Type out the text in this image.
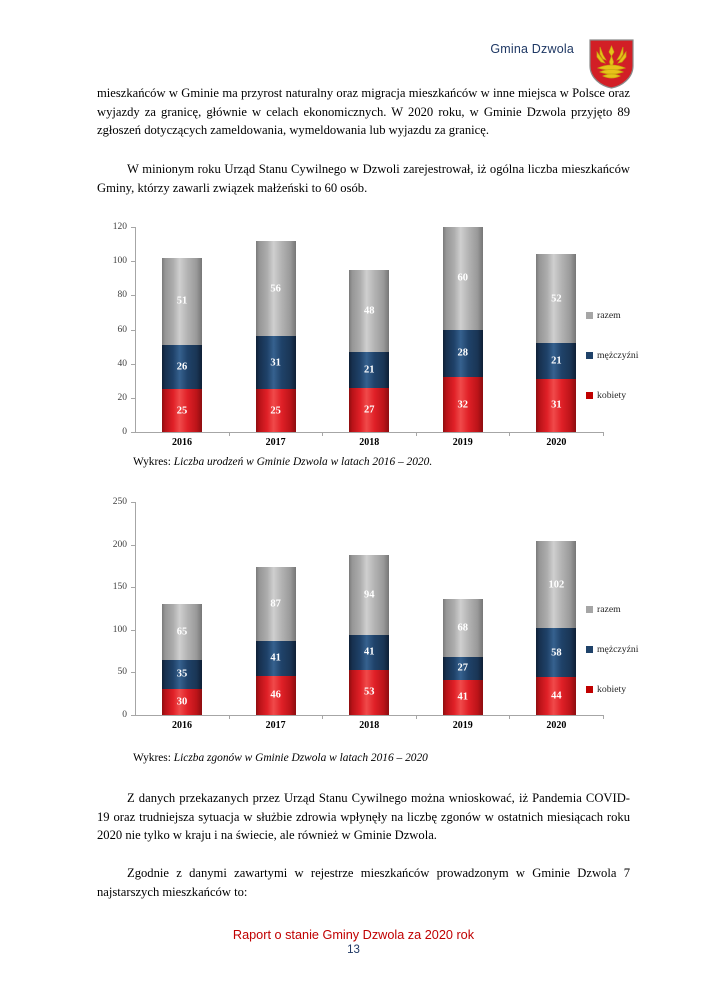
Gmina Dzwola
mieszkańców w Gminie ma przyrost naturalny oraz migracja mieszkańców w inne miejsca w Polsce oraz wyjazdy za granicę, głównie w celach ekonomicznych. W 2020 roku, w Gminie Dzwola przyjęto 89 zgłoszeń dotyczących zameldowania, wymeldowania lub wyjazdu za granicę.
W minionym roku Urząd Stanu Cywilnego w Dzwoli zarejestrował, iż ogólna liczba mieszkańców Gminy, którzy zawarli związek małżeński to 60 osób.
120
100
80
60
40
20
0
51
26
25
56
31
25
48
21
27
60
28
32
52
21
31
2016	2017	2018	2019	2020
razem
mężczyźni
kobiety
Wykres: Liczba urodzeń w Gminie Dzwola w latach 2016 – 2020.
250
200
150
100
50
0
65
35
30
87
41
46
94
41
53
68
27
41
102
58
44
2016	2017	2018	2019	2020
razem
mężczyźni
kobiety
Wykres: Liczba zgonów w Gminie Dzwola w latach 2016 – 2020
Z danych przekazanych przez Urząd Stanu Cywilnego można wnioskować, iż Pandemia COVID-19 oraz trudniejsza sytuacja w służbie zdrowia wpłynęły na liczbę zgonów w ostatnich miesiącach roku 2020 nie tylko w kraju i na świecie, ale również w Gminie Dzwola.
Zgodnie z danymi zawartymi w rejestrze mieszkańców prowadzonym w Gminie Dzwola 7 najstarszych mieszkańców to:
Raport o stanie Gminy Dzwola za 2020 rok
13
